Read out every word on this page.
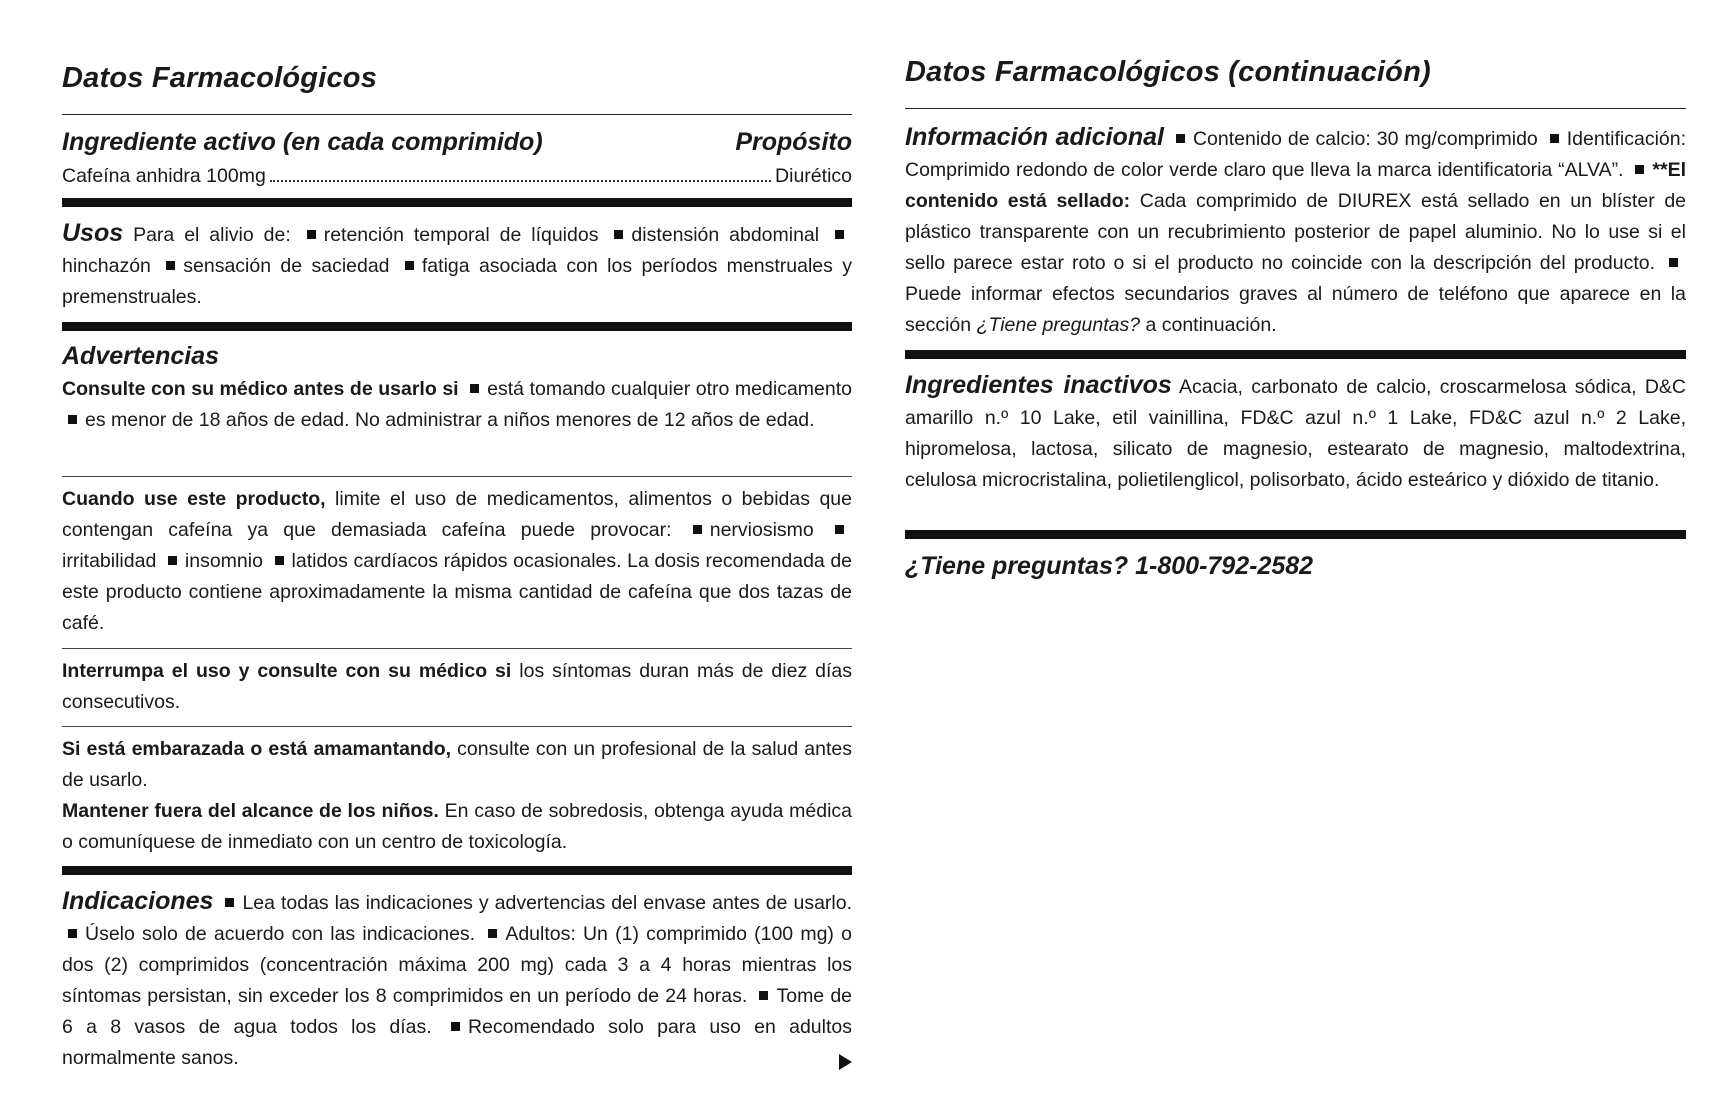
Datos Farmacológicos
Ingrediente activo (en cada comprimido)	Propósito
Cafeína anhidra 100mg	Diurético
Usos Para el alivio de: retención temporal de líquidos distensión abdominal hinchazón sensación de saciedad fatiga asociada con los períodos menstruales y premenstruales.
Advertencias
Consulte con su médico antes de usarlo si está tomando cualquier otro medicamento es menor de 18 años de edad. No administrar a niños menores de 12 años de edad.
Cuando use este producto, limite el uso de medicamentos, alimentos o bebidas que contengan cafeína ya que demasiada cafeína puede provocar: nerviosismo irritabilidad insomnio latidos cardíacos rápidos ocasionales. La dosis recomendada de este producto contiene aproximadamente la misma cantidad de cafeína que dos tazas de café.
Interrumpa el uso y consulte con su médico si los síntomas duran más de diez días consecutivos.
Si está embarazada o está amamantando, consulte con un profesional de la salud antes de usarlo.
Mantener fuera del alcance de los niños. En caso de sobredosis, obtenga ayuda médica o comuníquese de inmediato con un centro de toxicología.
Indicaciones Lea todas las indicaciones y advertencias del envase antes de usarlo. Úselo solo de acuerdo con las indicaciones. Adultos: Un (1) comprimido (100 mg) o dos (2) comprimidos (concentración máxima 200 mg) cada 3 a 4 horas mientras los síntomas persistan, sin exceder los 8 comprimidos en un período de 24 horas. Tome de 6 a 8 vasos de agua todos los días. Recomendado solo para uso en adultos normalmente sanos.
Datos Farmacológicos (continuación)
Información adicional Contenido de calcio: 30 mg/comprimido Identificación: Comprimido redondo de color verde claro que lleva la marca identificatoria “ALVA”. **El contenido está sellado: Cada comprimido de DIUREX está sellado en un blíster de plástico transparente con un recubrimiento posterior de papel aluminio. No lo use si el sello parece estar roto o si el producto no coincide con la descripción del producto. Puede informar efectos secundarios graves al número de teléfono que aparece en la sección ¿Tiene preguntas? a continuación.
Ingredientes inactivos Acacia, carbonato de calcio, croscarmelosa sódica, D&C amarillo n.º 10 Lake, etil vainillina, FD&C azul n.º 1 Lake, FD&C azul n.º 2 Lake, hipromelosa, lactosa, silicato de magnesio, estearato de magnesio, maltodextrina, celulosa microcristalina, polietilenglicol, polisorbato, ácido esteárico y dióxido de titanio.
¿Tiene preguntas? 1-800-792-2582
